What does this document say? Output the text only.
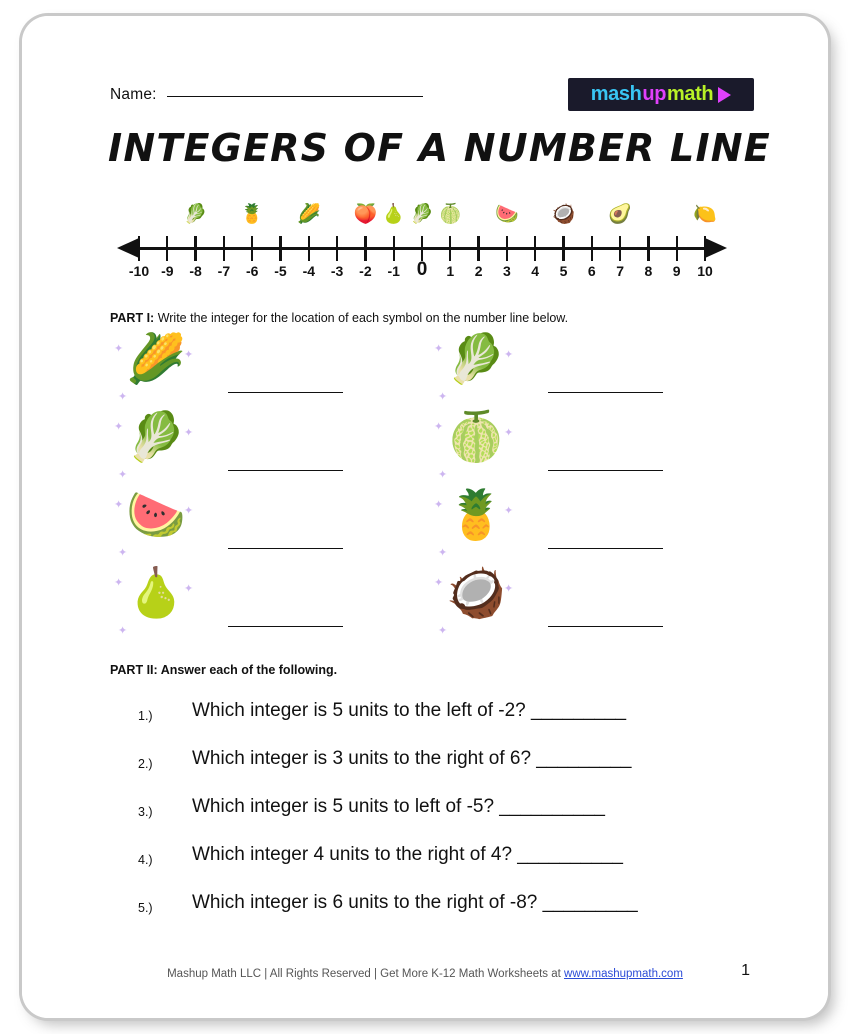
Name:	mash up math
INTEGERS OF A NUMBER LINE
-10 -9 -8 -7 -6 -5 -4 -3 -2 -1 0 1 2 3 4 5 6 7 8 9 10
🥬 🍍 🌽 🍑 🍐 🥬 🍈 🍉 🥥 🥑	🍋
PART I: Write the integer for the location of each symbol on the number line below.
🌽
✦	✦
✦
🥬
✦	✦
✦
🥬
✦	✦
✦
🍈
✦	✦
✦
🍉
✦	✦
✦
🍍
✦	✦
✦
🍐
✦	✦
✦
🥥
✦	✦
✦
PART II: Answer each of the following.
1.) Which integer is 5 units to the left of -2? _________
2.) Which integer is 3 units to the right of 6? _________
3.) Which integer is 5 units to left of -5? __________
4.) Which integer 4 units to the right of 4? __________
5.) Which integer is 6 units to the right of -8? _________
Mashup Math LLC | All Rights Reserved | Get More K-12 Math Worksheets at www.mashupmath.com	1
